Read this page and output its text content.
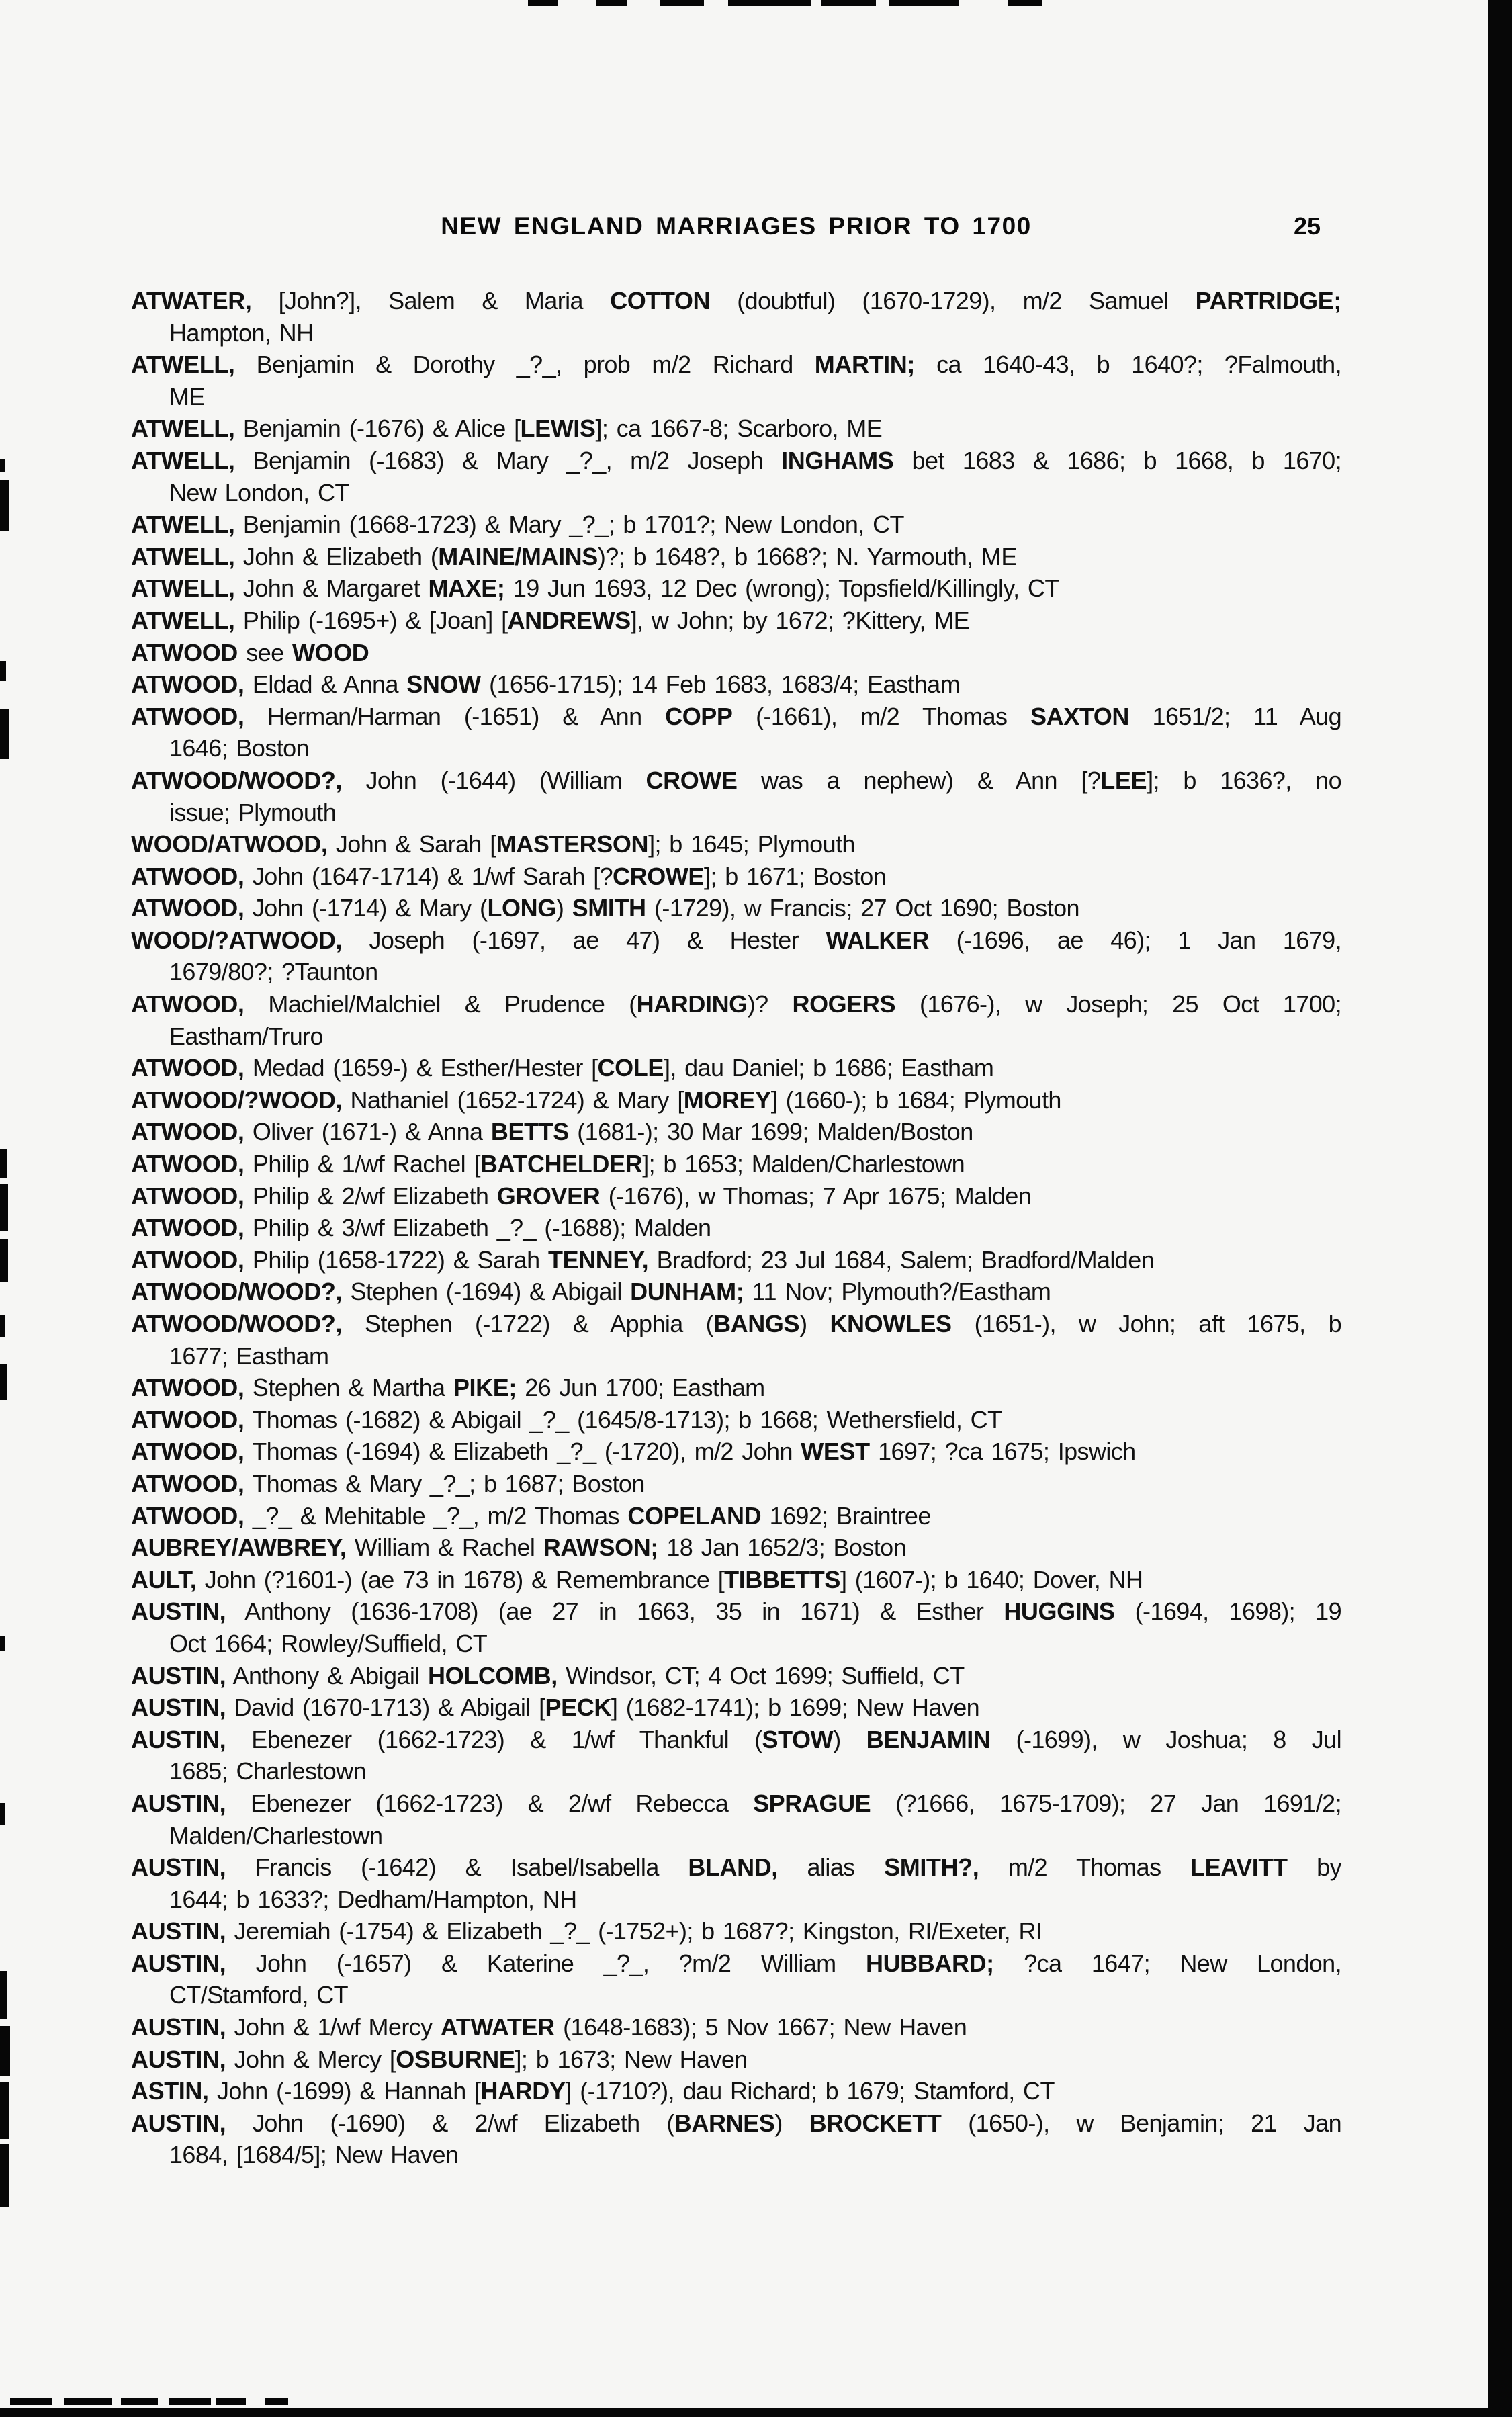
NEW ENGLAND MARRIAGES PRIOR TO 1700	25
ATWATER, [John?], Salem & Maria COTTON (doubtful) (1670-1729), m/2 Samuel PARTRIDGE;
Hampton, NH
ATWELL, Benjamin & Dorothy _?_, prob m/2 Richard MARTIN; ca 1640-43, b 1640?; ?Falmouth,
ME
ATWELL, Benjamin (-1676) & Alice [LEWIS]; ca 1667-8; Scarboro, ME
ATWELL, Benjamin (-1683) & Mary _?_, m/2 Joseph INGHAMS bet 1683 & 1686; b 1668, b 1670;
New London, CT
ATWELL, Benjamin (1668-1723) & Mary _?_; b 1701?; New London, CT
ATWELL, John & Elizabeth (MAINE/MAINS)?; b 1648?, b 1668?; N. Yarmouth, ME
ATWELL, John & Margaret MAXE; 19 Jun 1693, 12 Dec (wrong); Topsfield/Killingly, CT
ATWELL, Philip (-1695+) & [Joan] [ANDREWS], w John; by 1672; ?Kittery, ME
ATWOOD see WOOD
ATWOOD, Eldad & Anna SNOW (1656-1715); 14 Feb 1683, 1683/4; Eastham
ATWOOD, Herman/Harman (-1651) & Ann COPP (-1661), m/2 Thomas SAXTON 1651/2; 11 Aug
1646; Boston
ATWOOD/WOOD?, John (-1644) (William CROWE was a nephew) & Ann [?LEE]; b 1636?, no
issue; Plymouth
WOOD/ATWOOD, John & Sarah [MASTERSON]; b 1645; Plymouth
ATWOOD, John (1647-1714) & 1/wf Sarah [?CROWE]; b 1671; Boston
ATWOOD, John (-1714) & Mary (LONG) SMITH (-1729), w Francis; 27 Oct 1690; Boston
WOOD/?ATWOOD, Joseph (-1697, ae 47) & Hester WALKER (-1696, ae 46); 1 Jan 1679,
1679/80?; ?Taunton
ATWOOD, Machiel/Malchiel & Prudence (HARDING)? ROGERS (1676-), w Joseph; 25 Oct 1700;
Eastham/Truro
ATWOOD, Medad (1659-) & Esther/Hester [COLE], dau Daniel; b 1686; Eastham
ATWOOD/?WOOD, Nathaniel (1652-1724) & Mary [MOREY] (1660-); b 1684; Plymouth
ATWOOD, Oliver (1671-) & Anna BETTS (1681-); 30 Mar 1699; Malden/Boston
ATWOOD, Philip & 1/wf Rachel [BATCHELDER]; b 1653; Malden/Charlestown
ATWOOD, Philip & 2/wf Elizabeth GROVER (-1676), w Thomas; 7 Apr 1675; Malden
ATWOOD, Philip & 3/wf Elizabeth _?_ (-1688); Malden
ATWOOD, Philip (1658-1722) & Sarah TENNEY, Bradford; 23 Jul 1684, Salem; Bradford/Malden
ATWOOD/WOOD?, Stephen (-1694) & Abigail DUNHAM; 11 Nov; Plymouth?/Eastham
ATWOOD/WOOD?, Stephen (-1722) & Apphia (BANGS) KNOWLES (1651-), w John; aft 1675, b
1677; Eastham
ATWOOD, Stephen & Martha PIKE; 26 Jun 1700; Eastham
ATWOOD, Thomas (-1682) & Abigail _?_ (1645/8-1713); b 1668; Wethersfield, CT
ATWOOD, Thomas (-1694) & Elizabeth _?_ (-1720), m/2 John WEST 1697; ?ca 1675; Ipswich
ATWOOD, Thomas & Mary _?_; b 1687; Boston
ATWOOD, _?_ & Mehitable _?_, m/2 Thomas COPELAND 1692; Braintree
AUBREY/AWBREY, William & Rachel RAWSON; 18 Jan 1652/3; Boston
AULT, John (?1601-) (ae 73 in 1678) & Remembrance [TIBBETTS] (1607-); b 1640; Dover, NH
AUSTIN, Anthony (1636-1708) (ae 27 in 1663, 35 in 1671) & Esther HUGGINS (-1694, 1698); 19
Oct 1664; Rowley/Suffield, CT
AUSTIN, Anthony & Abigail HOLCOMB, Windsor, CT; 4 Oct 1699; Suffield, CT
AUSTIN, David (1670-1713) & Abigail [PECK] (1682-1741); b 1699; New Haven
AUSTIN, Ebenezer (1662-1723) & 1/wf Thankful (STOW) BENJAMIN (-1699), w Joshua; 8 Jul
1685; Charlestown
AUSTIN, Ebenezer (1662-1723) & 2/wf Rebecca SPRAGUE (?1666, 1675-1709); 27 Jan 1691/2;
Malden/Charlestown
AUSTIN, Francis (-1642) & Isabel/Isabella BLAND, alias SMITH?, m/2 Thomas LEAVITT by
1644; b 1633?; Dedham/Hampton, NH
AUSTIN, Jeremiah (-1754) & Elizabeth _?_ (-1752+); b 1687?; Kingston, RI/Exeter, RI
AUSTIN, John (-1657) & Katerine _?_, ?m/2 William HUBBARD; ?ca 1647; New London,
CT/Stamford, CT
AUSTIN, John & 1/wf Mercy ATWATER (1648-1683); 5 Nov 1667; New Haven
AUSTIN, John & Mercy [OSBURNE]; b 1673; New Haven
ASTIN, John (-1699) & Hannah [HARDY] (-1710?), dau Richard; b 1679; Stamford, CT
AUSTIN, John (-1690) & 2/wf Elizabeth (BARNES) BROCKETT (1650-), w Benjamin; 21 Jan
1684, [1684/5]; New Haven
